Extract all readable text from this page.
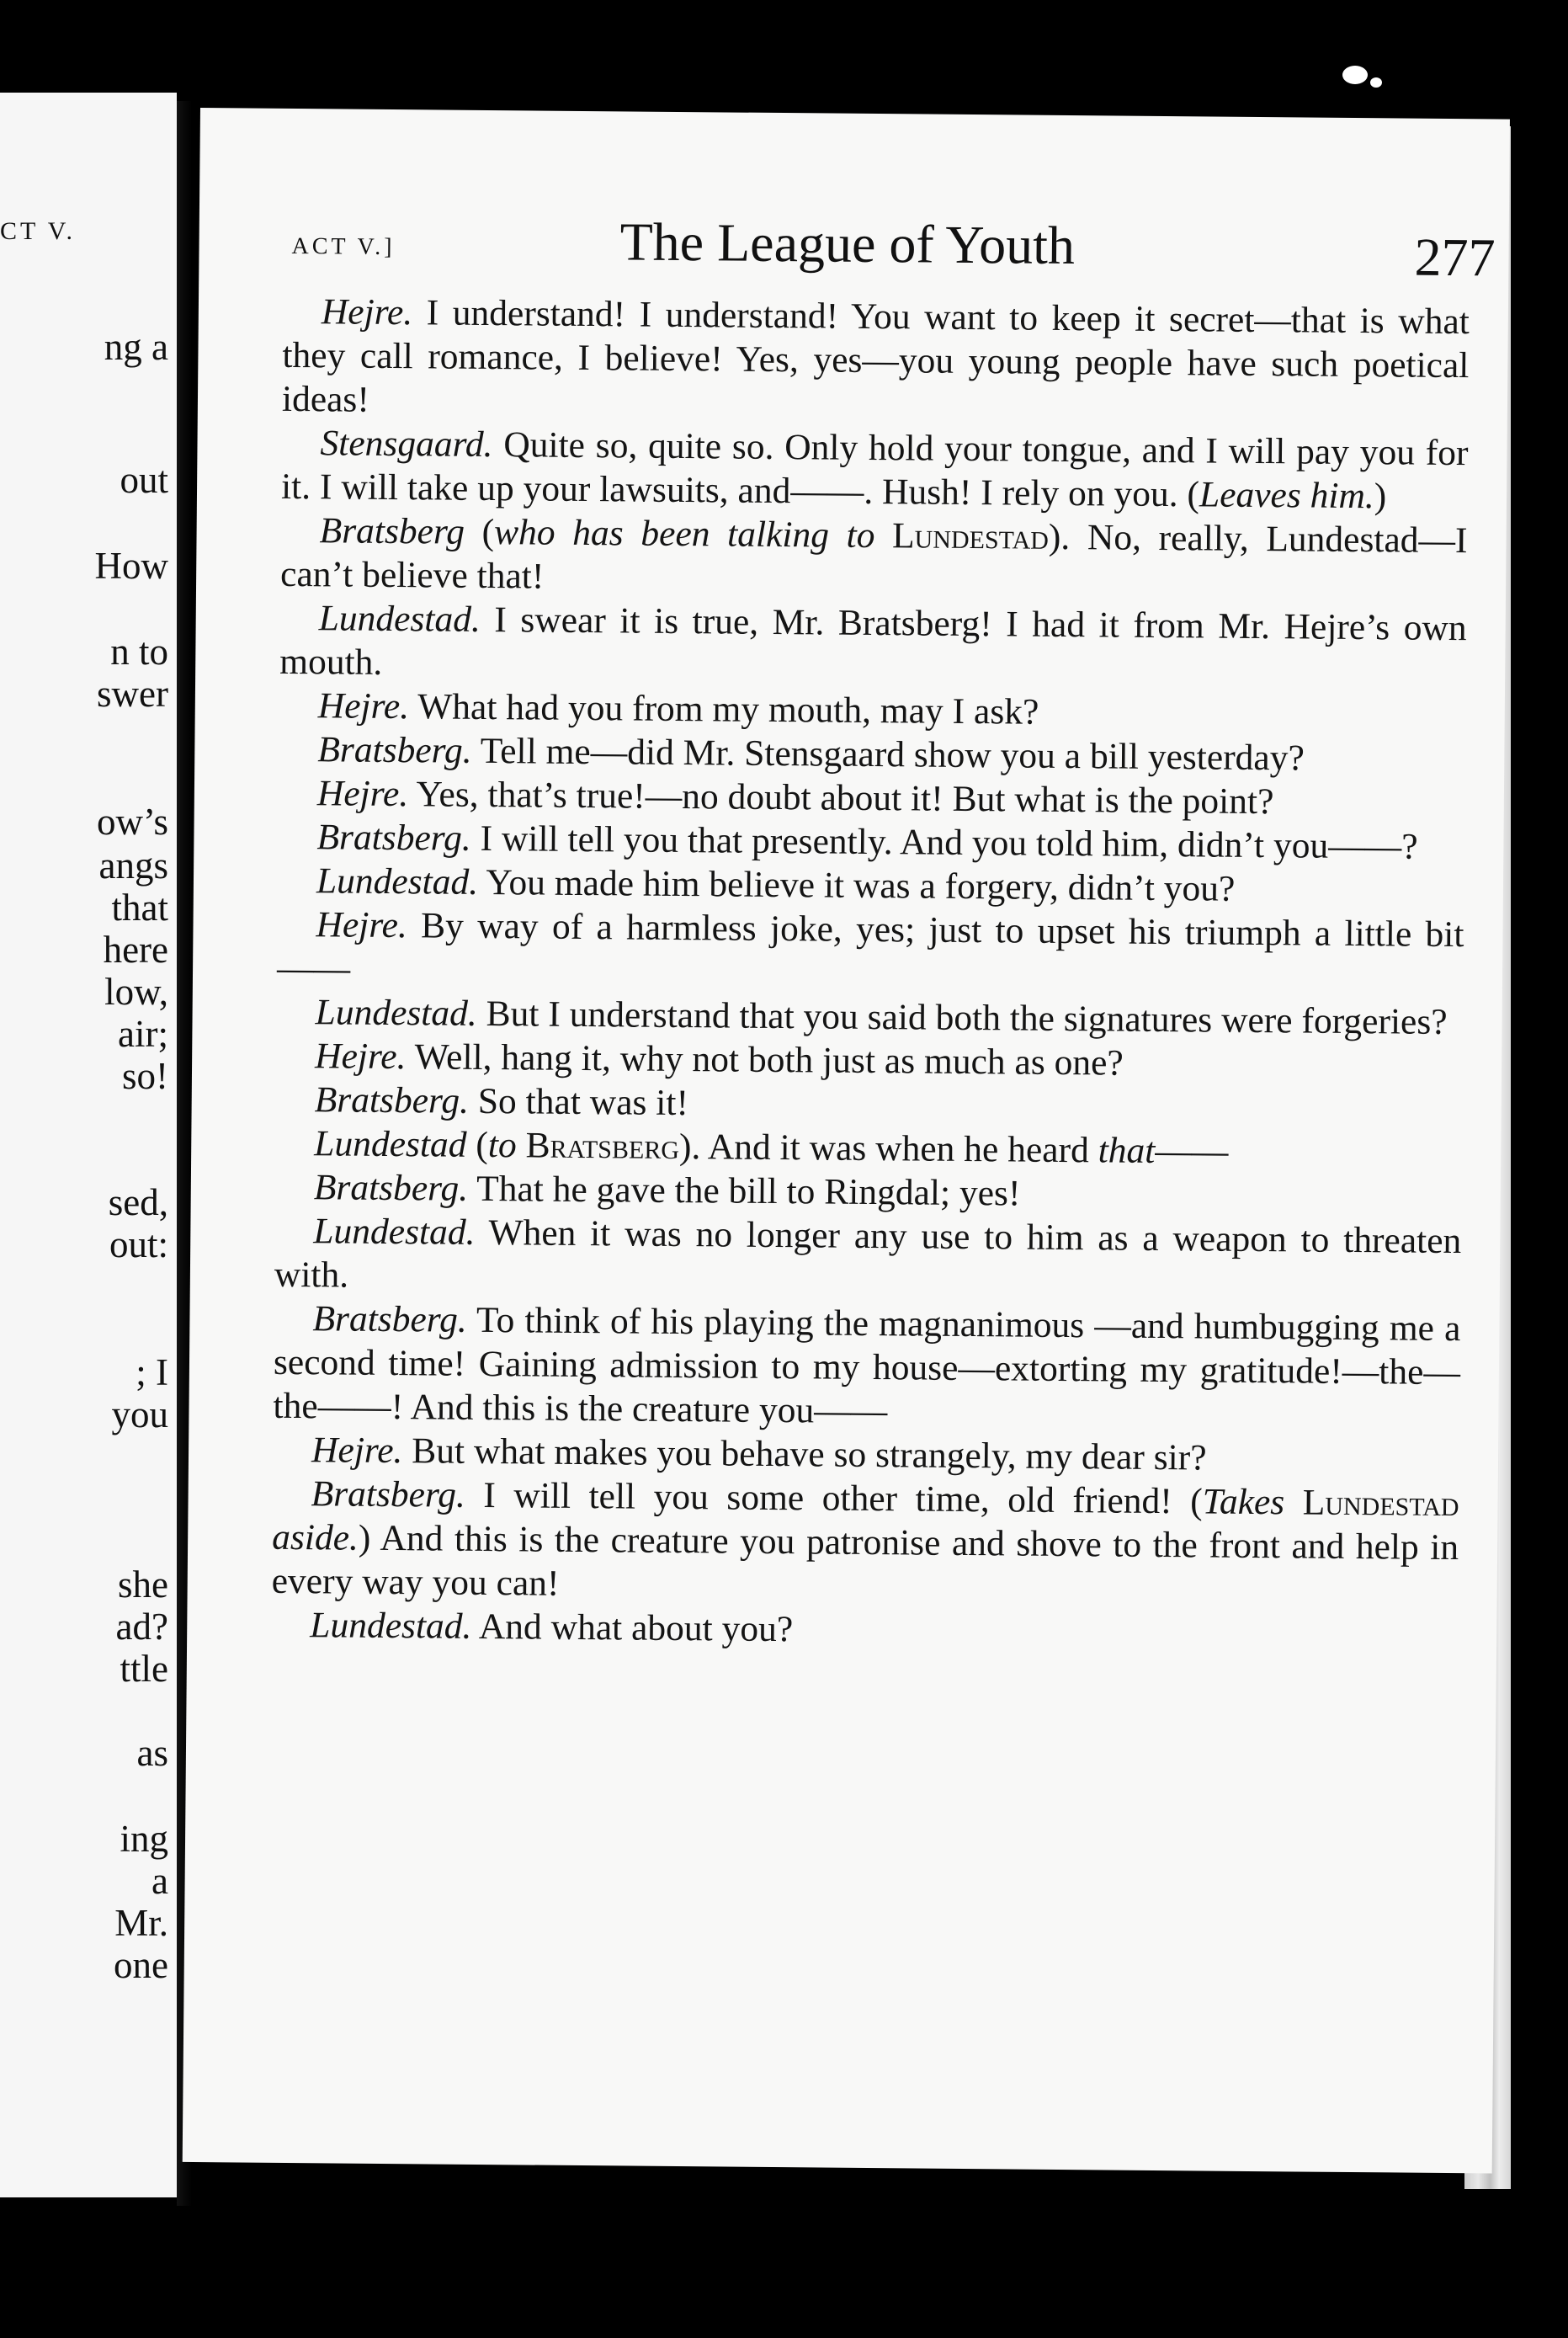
CT V.
ng a
out
How
n to
swer
ow’s
angs
that
here
low,
air;
so!
sed,
out:
; I
you
she
ad?
ttle
as
ing
a
Mr.
one
ACT V.]	The League of Youth	277

Hejre. I understand! I understand! You want to keep it secret—that is what they call romance, I believe! Yes, yes—you young people have such poetical ideas!

Stensgaard. Quite so, quite so. Only hold your tongue, and I will pay you for it. I will take up your lawsuits, and——. Hush! I rely on you. (Leaves him.)

Bratsberg (who has been talking to Lundestad). No, really, Lundestad—I can’t believe that!

Lundestad. I swear it is true, Mr. Bratsberg! I had it from Mr. Hejre’s own mouth.

Hejre. What had you from my mouth, may I ask?

Bratsberg. Tell me—did Mr. Stensgaard show you a bill yesterday?

Hejre. Yes, that’s true!—no doubt about it! But what is the point?

Bratsberg. I will tell you that presently. And you told him, didn’t you——?

Lundestad. You made him believe it was a forgery, didn’t you?

Hejre. By way of a harmless joke, yes; just to upset his triumph a little bit——

Lundestad. But I understand that you said both the signatures were forgeries?

Hejre. Well, hang it, why not both just as much as one?

Bratsberg. So that was it!

Lundestad (to Bratsberg). And it was when he heard that——

Bratsberg. That he gave the bill to Ringdal; yes!

Lundestad. When it was no longer any use to him as a weapon to threaten with.

Bratsberg. To think of his playing the magnanimous —and humbugging me a second time! Gaining admission to my house—extorting my gratitude!—the—the——! And this is the creature you——

Hejre. But what makes you behave so strangely, my dear sir?

Bratsberg. I will tell you some other time, old friend! (Takes Lundestad aside.) And this is the creature you patronise and shove to the front and help in every way you can!

Lundestad. And what about you?
